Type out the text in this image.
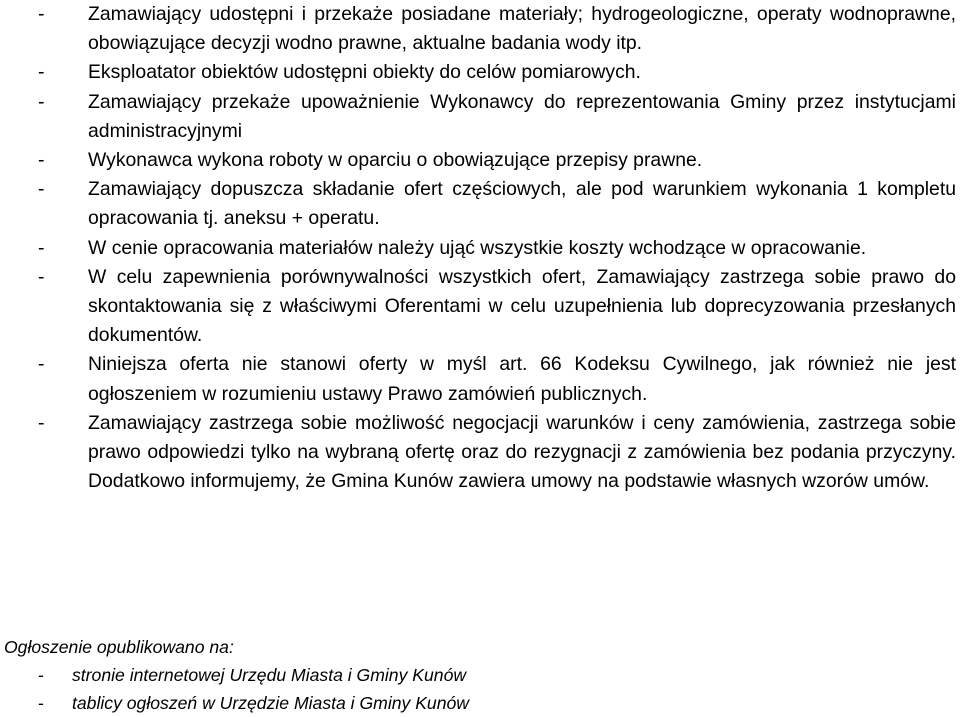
- Zamawiający udostępni i przekaże posiadane materiały; hydrogeologiczne, operaty wodnoprawne, obowiązujące decyzji wodno prawne, aktualne badania wody itp.
- Eksploatator obiektów udostępni obiekty do celów pomiarowych.
- Zamawiający przekaże upoważnienie Wykonawcy do reprezentowania Gminy przez instytucjami administracyjnymi
- Wykonawca wykona roboty w oparciu o obowiązujące przepisy prawne.
- Zamawiający dopuszcza składanie ofert częściowych, ale pod warunkiem wykonania 1 kompletu opracowania tj. aneksu + operatu.
- W cenie opracowania materiałów należy ująć wszystkie koszty wchodzące w opracowanie.
- W celu zapewnienia porównywalności wszystkich ofert, Zamawiający zastrzega sobie prawo do skontaktowania się z właściwymi Oferentami w celu uzupełnienia lub doprecyzowania przesłanych dokumentów.
- Niniejsza oferta nie stanowi oferty w myśl art. 66 Kodeksu Cywilnego, jak również nie jest ogłoszeniem w rozumieniu ustawy Prawo zamówień publicznych.
- Zamawiający zastrzega sobie możliwość negocjacji warunków i ceny zamówienia, zastrzega sobie prawo odpowiedzi tylko na wybraną ofertę oraz do rezygnacji z zamówienia bez podania przyczyny. Dodatkowo informujemy, że Gmina Kunów zawiera umowy na podstawie własnych wzorów umów.
Ogłoszenie opublikowano na:
- stronie internetowej Urzędu Miasta i Gminy Kunów
- tablicy ogłoszeń w Urzędzie Miasta i Gminy Kunów
